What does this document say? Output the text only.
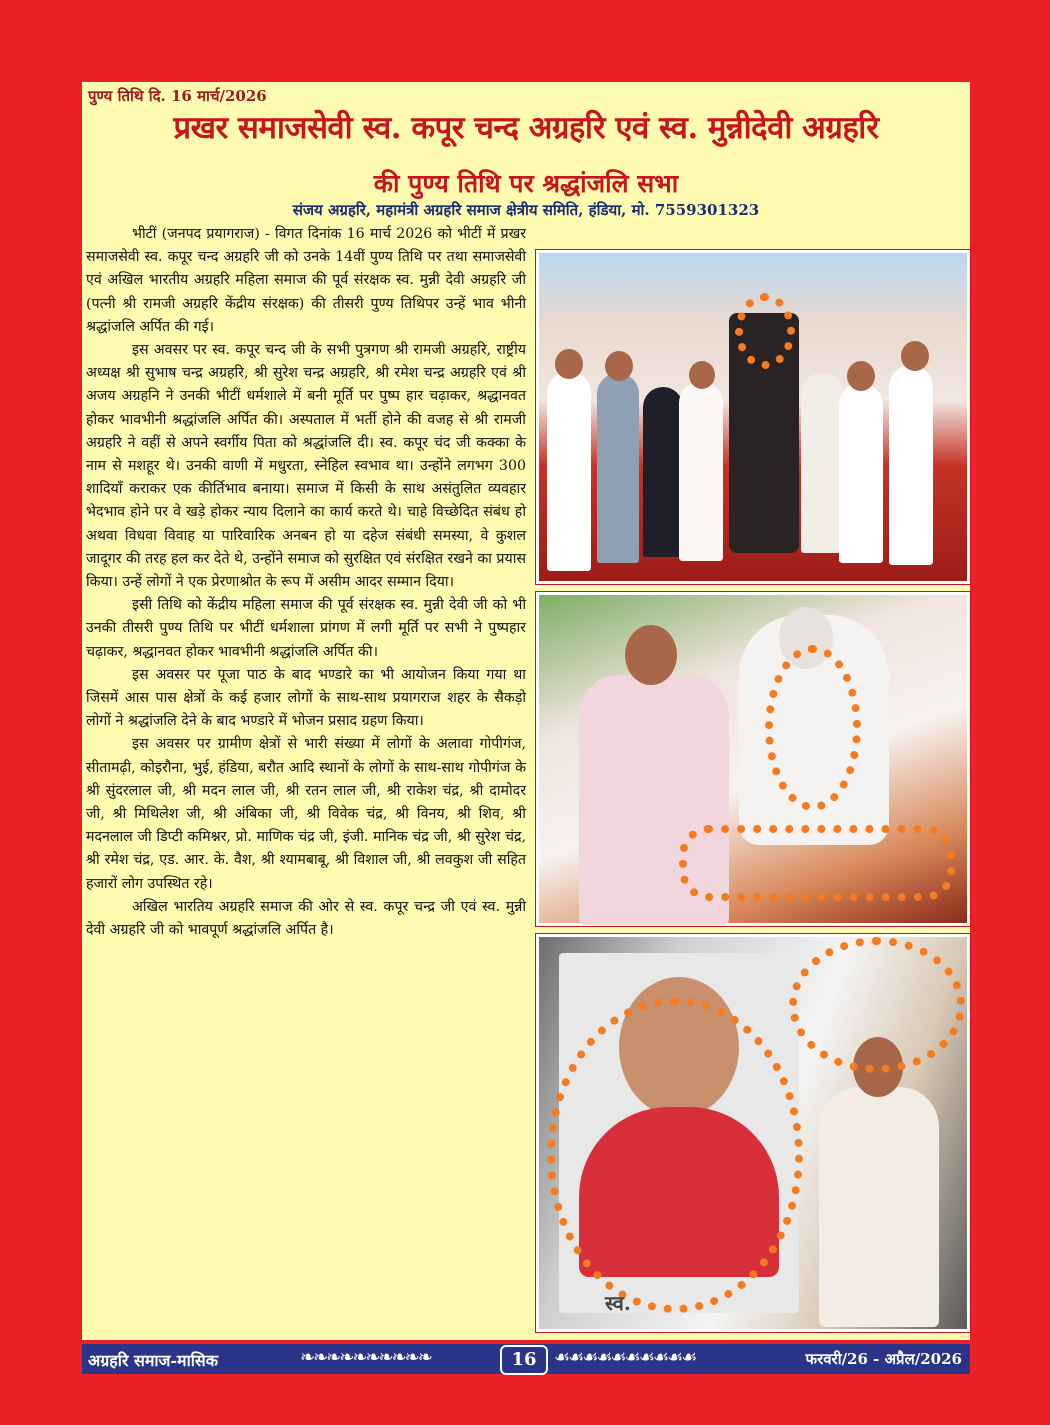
पुण्य तिथि दि. 16 मार्च/2026
प्रखर समाजसेवी स्व. कपूर चन्द अग्रहरि एवं स्व. मुन्नीदेवी अग्रहरि
की पुण्य तिथि पर श्रद्धांजलि सभा
संजय अग्रहरि, महामंत्री अग्रहरि समाज क्षेत्रीय समिति, हंडिया, मो. 7559301323

भीटीं (जनपद प्रयागराज) - विगत दिनांक 16 मार्च 2026 को भीटीं में प्रखर समाजसेवी स्व. कपूर चन्द अग्रहरि जी को उनके 14वीं पुण्य तिथि पर तथा समाजसेवी एवं अखिल भारतीय अग्रहरि महिला समाज की पूर्व संरक्षक स्व. मुन्नी देवी अग्रहरि जी (पत्नी श्री रामजी अग्रहरि केंद्रीय संरक्षक) की तीसरी पुण्य तिथिपर उन्हें भाव भीनी श्रद्धांजलि अर्पित की गई।

इस अवसर पर स्व. कपूर चन्द जी के सभी पुत्रगण श्री रामजी अग्रहरि, राष्ट्रीय अध्यक्ष श्री सुभाष चन्द्र अग्रहरि, श्री सुरेश चन्द्र अग्रहरि, श्री रमेश चन्द्र अग्रहरि एवं श्री अजय अग्रहनि ने उनकी भीटीं धर्मशाले में बनी मूर्ति पर पुष्प हार चढ़ाकर, श्रद्धानवत होकर भावभीनी श्रद्धांजलि अर्पित की। अस्पताल में भर्ती होने की वजह से श्री रामजी अग्रहरि ने वहीं से अपने स्वर्गीय पिता को श्रद्धांजलि दी। स्व. कपूर चंद जी कक्का के नाम से मशहूर थे। उनकी वाणी में मधुरता, स्नेहिल स्वभाव था। उन्होंने लगभग 300 शादियाँ कराकर एक कीर्तिभाव बनाया। समाज में किसी के साथ असंतुलित व्यवहार भेदभाव होने पर वे खड़े होकर न्याय दिलाने का कार्य करते थे। चाहे विच्छेदित संबंध हो अथवा विधवा विवाह या पारिवारिक अनबन हो या दहेज संबंधी समस्या, वे कुशल जादूगर की तरह हल कर देते थे, उन्होंने समाज को सुरक्षित एवं संरक्षित रखने का प्रयास किया। उन्हें लोगों ने एक प्रेरणाश्रोत के रूप में असीम आदर सम्मान दिया।

इसी तिथि को केंद्रीय महिला समाज की पूर्व संरक्षक स्व. मुन्नी देवी जी को भी उनकी तीसरी पुण्य तिथि पर भीटीं धर्मशाला प्रांगण में लगी मूर्ति पर सभी ने पुष्पहार चढ़ाकर, श्रद्धानवत होकर भावभीनी श्रद्धांजलि अर्पित की।

इस अवसर पर पूजा पाठ के बाद भण्डारे का भी आयोजन किया गया था जिसमें आस पास क्षेत्रों के कई हजार लोगों के साथ-साथ प्रयागराज शहर के सैकड़ो लोगों ने श्रद्धांजलि देने के बाद भण्डारे में भोजन प्रसाद ग्रहण किया।

इस अवसर पर ग्रामीण क्षेत्रों से भारी संख्या में लोगों के अलावा गोपीगंज, सीतामढ़ी, कोइरौना, भुई, हंडिया, बरौत आदि स्थानों के लोगों के साथ-साथ गोपीगंज के श्री सुंदरलाल जी, श्री मदन लाल जी, श्री रतन लाल जी, श्री राकेश चंद्र, श्री दामोदर जी, श्री मिथिलेश जी, श्री अंबिका जी, श्री विवेक चंद्र, श्री विनय, श्री शिव, श्री मदनलाल जी डिप्टी कमिश्नर, प्रो. माणिक चंद्र जी, इंजी. मानिक चंद्र जी, श्री सुरेश चंद्र, श्री रमेश चंद्र, एड. आर. के. वैश, श्री श्यामबाबू, श्री विशाल जी, श्री लवकुश जी सहित हजारों लोग उपस्थित रहे।

अखिल भारतिय अग्रहरि समाज की ओर से स्व. कपूर चन्द्र जी एवं स्व. मुन्नी देवी अग्रहरि जी को भावपूर्ण श्रद्धांजलि अर्पित है।

स्व.
अग्रहरि समाज-मासिक	❧❧❧❧❧❧❧❧❧❧	16 ☙☙☙☙☙☙☙☙☙☙	फरवरी/26 - अप्रैल/2026
